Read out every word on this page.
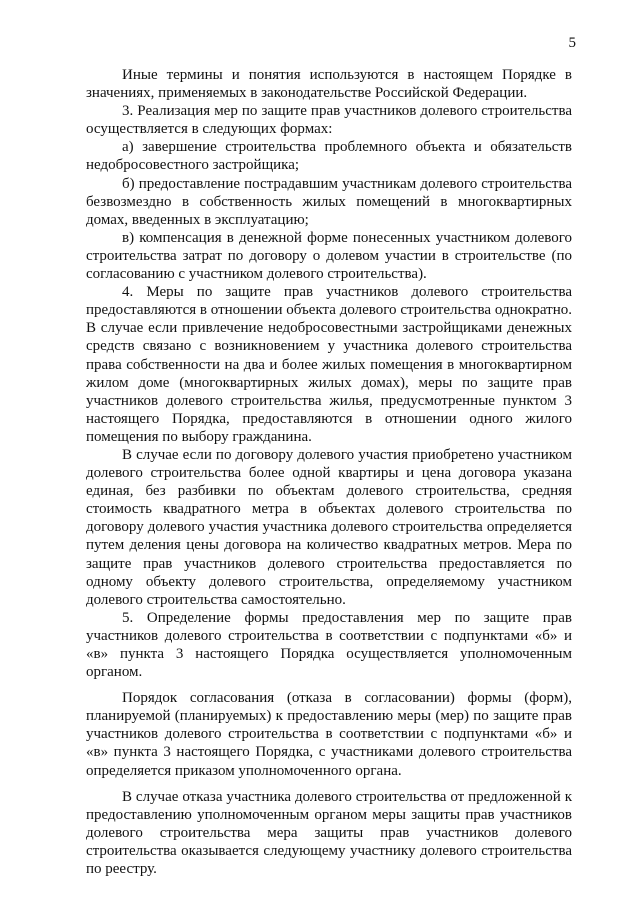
5

Иные термины и понятия используются в настоящем Порядке в значениях, применяемых в законодательстве Российской Федерации.

3. Реализация мер по защите прав участников долевого строительства осуществляется в следующих формах:

а) завершение строительства проблемного объекта и обязательств недобросовестного застройщика;

б) предоставление пострадавшим участникам долевого строительства безвозмездно в собственность жилых помещений в многоквартирных домах, введенных в эксплуатацию;

в) компенсация в денежной форме понесенных участником долевого строительства затрат по договору о долевом участии в строительстве (по согласованию с участником долевого строительства).

4. Меры по защите прав участников долевого строительства предоставляются в отношении объекта долевого строительства однократно. В случае если привлечение недобросовестными застройщиками денежных средств связано с возникновением у участника долевого строительства права собственности на два и более жилых помещения в многоквартирном жилом доме (многоквартирных жилых домах), меры по защите прав участников долевого строительства жилья, предусмотренные пунктом 3 настоящего Порядка, предоставляются в отношении одного жилого помещения по выбору гражданина.

В случае если по договору долевого участия приобретено участником долевого строительства более одной квартиры и цена договора указана единая, без разбивки по объектам долевого строительства, средняя стоимость квадратного метра в объектах долевого строительства по договору долевого участия участника долевого строительства определяется путем деления цены договора на количество квадратных метров. Мера по защите прав участников долевого строительства предоставляется по одному объекту долевого строительства, определяемому участником долевого строительства самостоятельно.

5. Определение формы предоставления мер по защите прав участников долевого строительства в соответствии с подпунктами «б» и «в» пункта 3 настоящего Порядка осуществляется уполномоченным органом.

Порядок согласования (отказа в согласовании) формы (форм), планируемой (планируемых) к предоставлению меры (мер) по защите прав участников долевого строительства в соответствии с подпунктами «б» и «в» пункта 3 настоящего Порядка, с участниками долевого строительства определяется приказом уполномоченного органа.

В случае отказа участника долевого строительства от предложенной к предоставлению уполномоченным органом меры защиты прав участников долевого строительства мера защиты прав участников долевого строительства оказывается следующему участнику долевого строительства по реестру.
